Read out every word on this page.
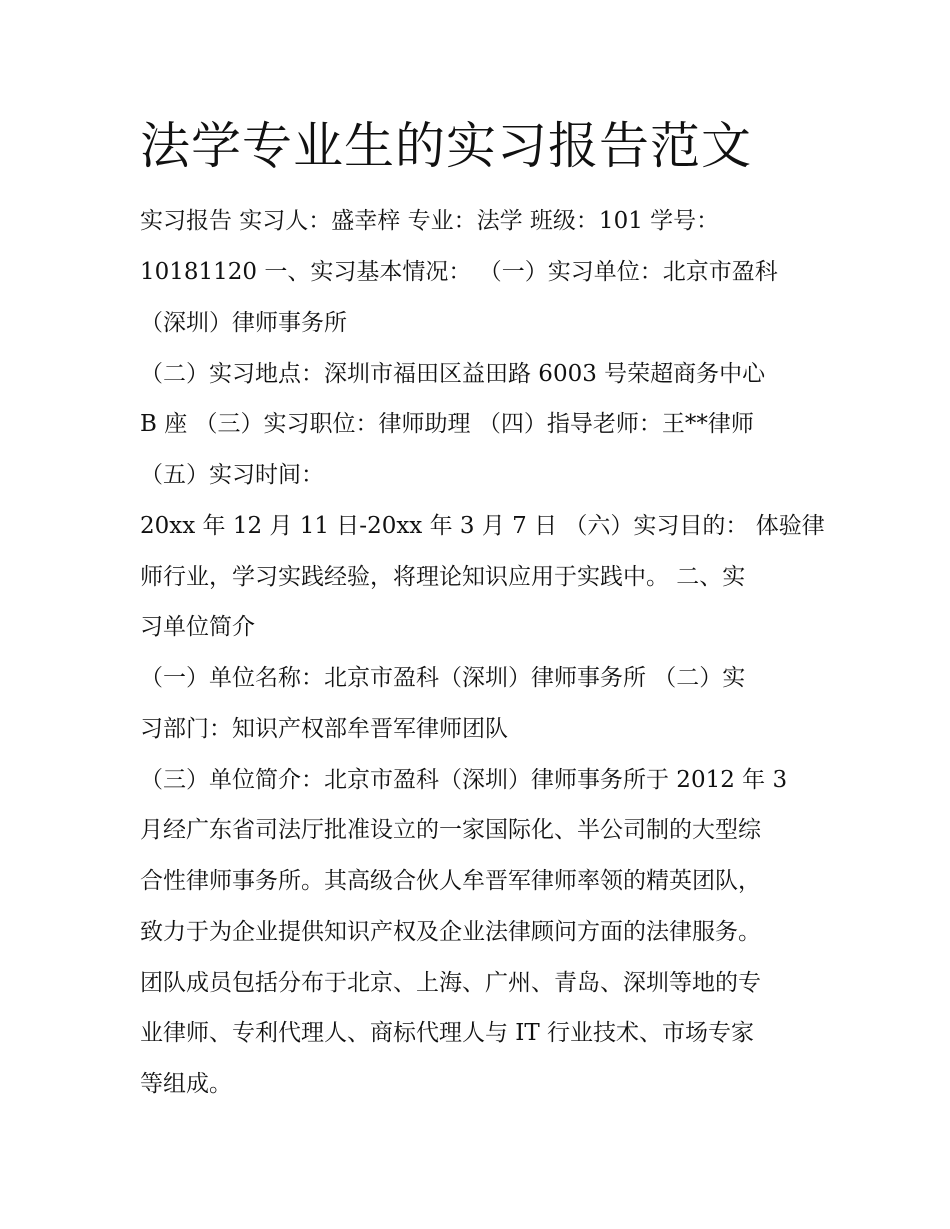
法学专业生的实习报告范文
实习报告 实习人：盛幸梓 专业：法学 班级：101 学号：
10181120 一、实习基本情况： （一）实习单位：北京市盈科
（深圳）律师事务所
（二）实习地点：深圳市福田区益田路 6003 号荣超商务中心
B 座 （三）实习职位：律师助理 （四）指导老师：王**律师
（五）实习时间：
20xx 年 12 月 11 日-20xx 年 3 月 7 日 （六）实习目的： 体验律
师行业，学习实践经验，将理论知识应用于实践中。 二、实
习单位简介
（一）单位名称：北京市盈科（深圳）律师事务所 （二）实
习部门：知识产权部牟晋军律师团队
（三）单位简介：北京市盈科（深圳）律师事务所于 2012 年 3
月经广东省司法厅批准设立的一家国际化、半公司制的大型综
合性律师事务所。其高级合伙人牟晋军律师率领的精英团队，
致力于为企业提供知识产权及企业法律顾问方面的法律服务。
团队成员包括分布于北京、上海、广州、青岛、深圳等地的专
业律师、专利代理人、商标代理人与 IT 行业技术、市场专家
等组成。
